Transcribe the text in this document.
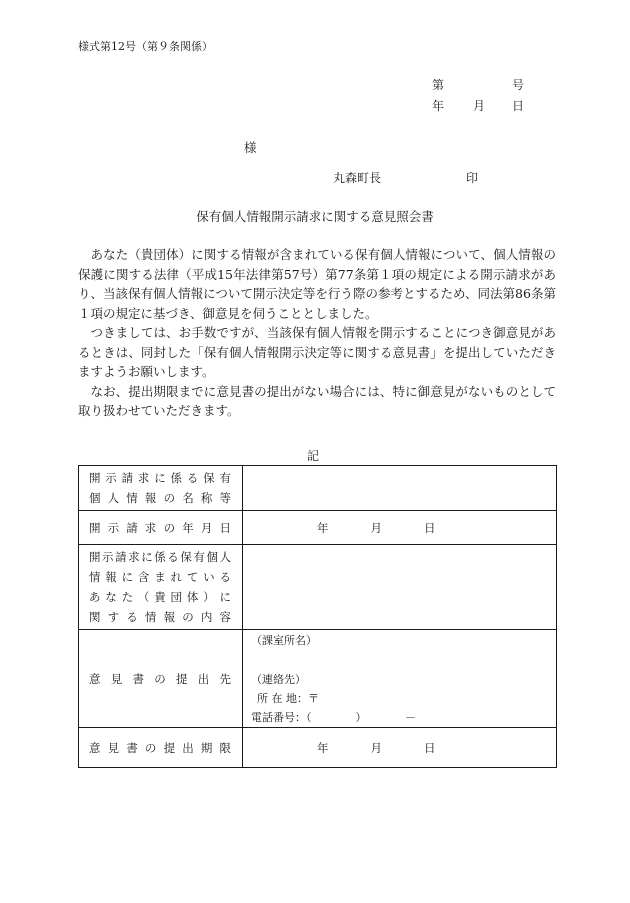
様式第12号（第９条関係）
第	号
年 月 日
様
丸森町長	印
保有個人情報開示請求に関する意見照会書

あなた（貴団体）に関する情報が含まれている保有個人情報について、個人情報の保護に関する法律（平成15年法律第57号）第77条第１項の規定による開示請求があり、当該保有個人情報について開示決定等を行う際の参考とするため、同法第86条第１項の規定に基づき、御意見を伺うこととしました。

つきましては、お手数ですが、当該保有個人情報を開示することにつき御意見があるときは、同封した「保有個人情報開示決定等に関する意見書」を提出していただきますようお願いします。

なお、提出期限までに意見書の提出がない場合には、特に御意見がないものとして取り扱わせていただきます。

記
開示請求に係る保有
個人情報の名称等	

開示請求の年月日	年 月 日

開示請求に係る保有個人
情報に含まれている
あなた（貴団体）に
関する情報の内容	

意見書の提出先	（課室所名）
（連絡先）
所 在 地：〒
電話番号：（　　　　）　　　　－

意見書の提出期限	年 月 日
